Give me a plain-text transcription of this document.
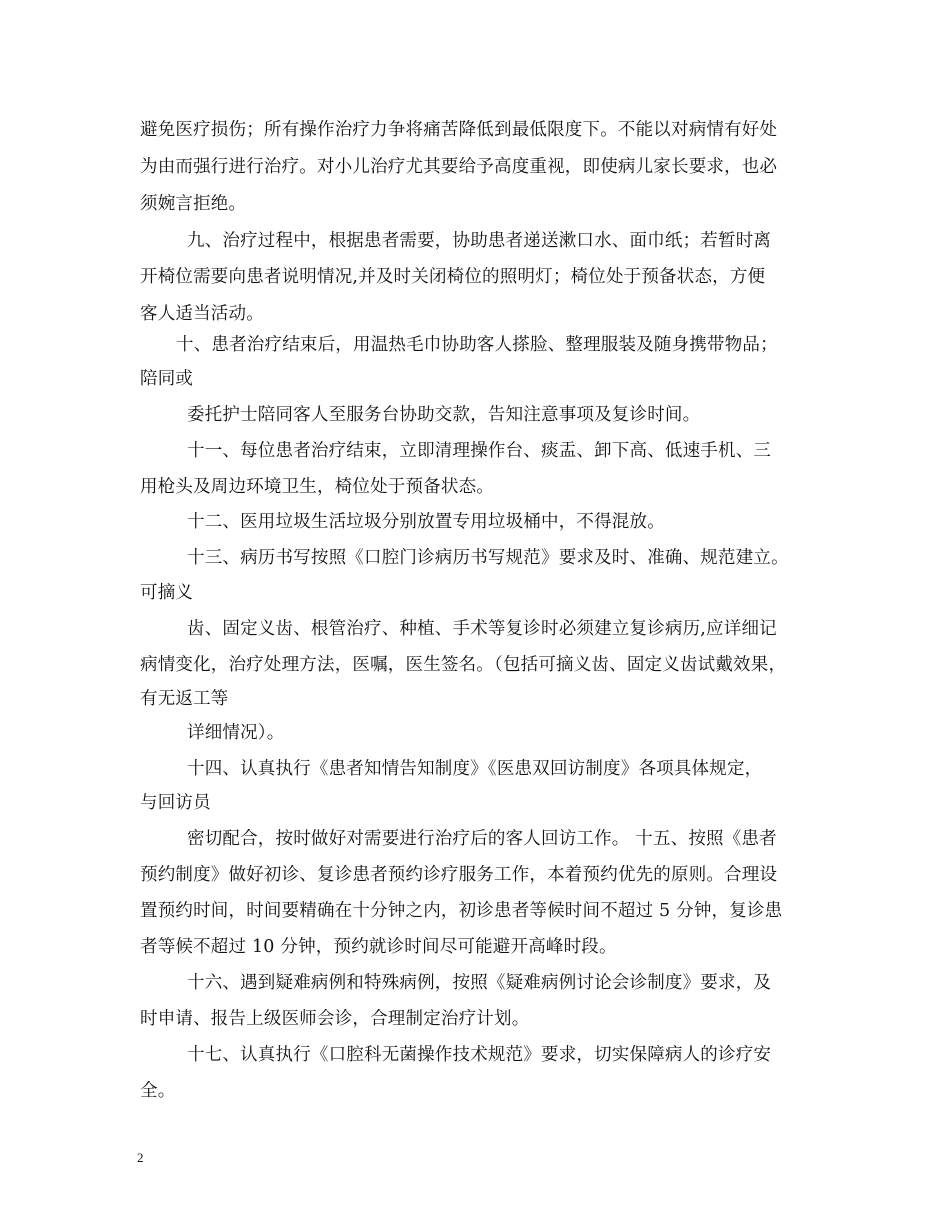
避免医疗损伤；所有操作治疗力争将痛苦降低到最低限度下。不能以对病情有好处
为由而强行进行治疗。对小儿治疗尤其要给予高度重视，即使病儿家长要求，也必
须婉言拒绝。
九、治疗过程中，根据患者需要，协助患者递送漱口水、面巾纸；若暂时离
开椅位需要向患者说明情况,并及时关闭椅位的照明灯；椅位处于预备状态，方便
客人适当活动。
十、患者治疗结束后，用温热毛巾协助客人搽脸、整理服装及随身携带物品；
陪同或
委托护士陪同客人至服务台协助交款，告知注意事项及复诊时间。
十一、每位患者治疗结束，立即清理操作台、痰盂、卸下高、低速手机、三
用枪头及周边环境卫生，椅位处于预备状态。
十二、医用垃圾生活垃圾分别放置专用垃圾桶中，不得混放。
十三、病历书写按照《口腔门诊病历书写规范》要求及时、准确、规范建立。
可摘义
齿、固定义齿、根管治疗、种植、手术等复诊时必须建立复诊病历,应详细记
病情变化，治疗处理方法，医嘱，医生签名。（包括可摘义齿、固定义齿试戴效果，
有无返工等
详细情况）。
十四、认真执行《患者知情告知制度》《医患双回访制度》各项具体规定，
与回访员
密切配合，按时做好对需要进行治疗后的客人回访工作。 十五、按照《患者
预约制度》做好初诊、复诊患者预约诊疗服务工作，本着预约优先的原则。合理设
置预约时间，时间要精确在十分钟之内，初诊患者等候时间不超过 5 分钟，复诊患
者等候不超过 10 分钟，预约就诊时间尽可能避开高峰时段。
十六、遇到疑难病例和特殊病例，按照《疑难病例讨论会诊制度》要求，及
时申请、报告上级医师会诊，合理制定治疗计划。
十七、认真执行《口腔科无菌操作技术规范》要求，切实保障病人的诊疗安
全。
2
